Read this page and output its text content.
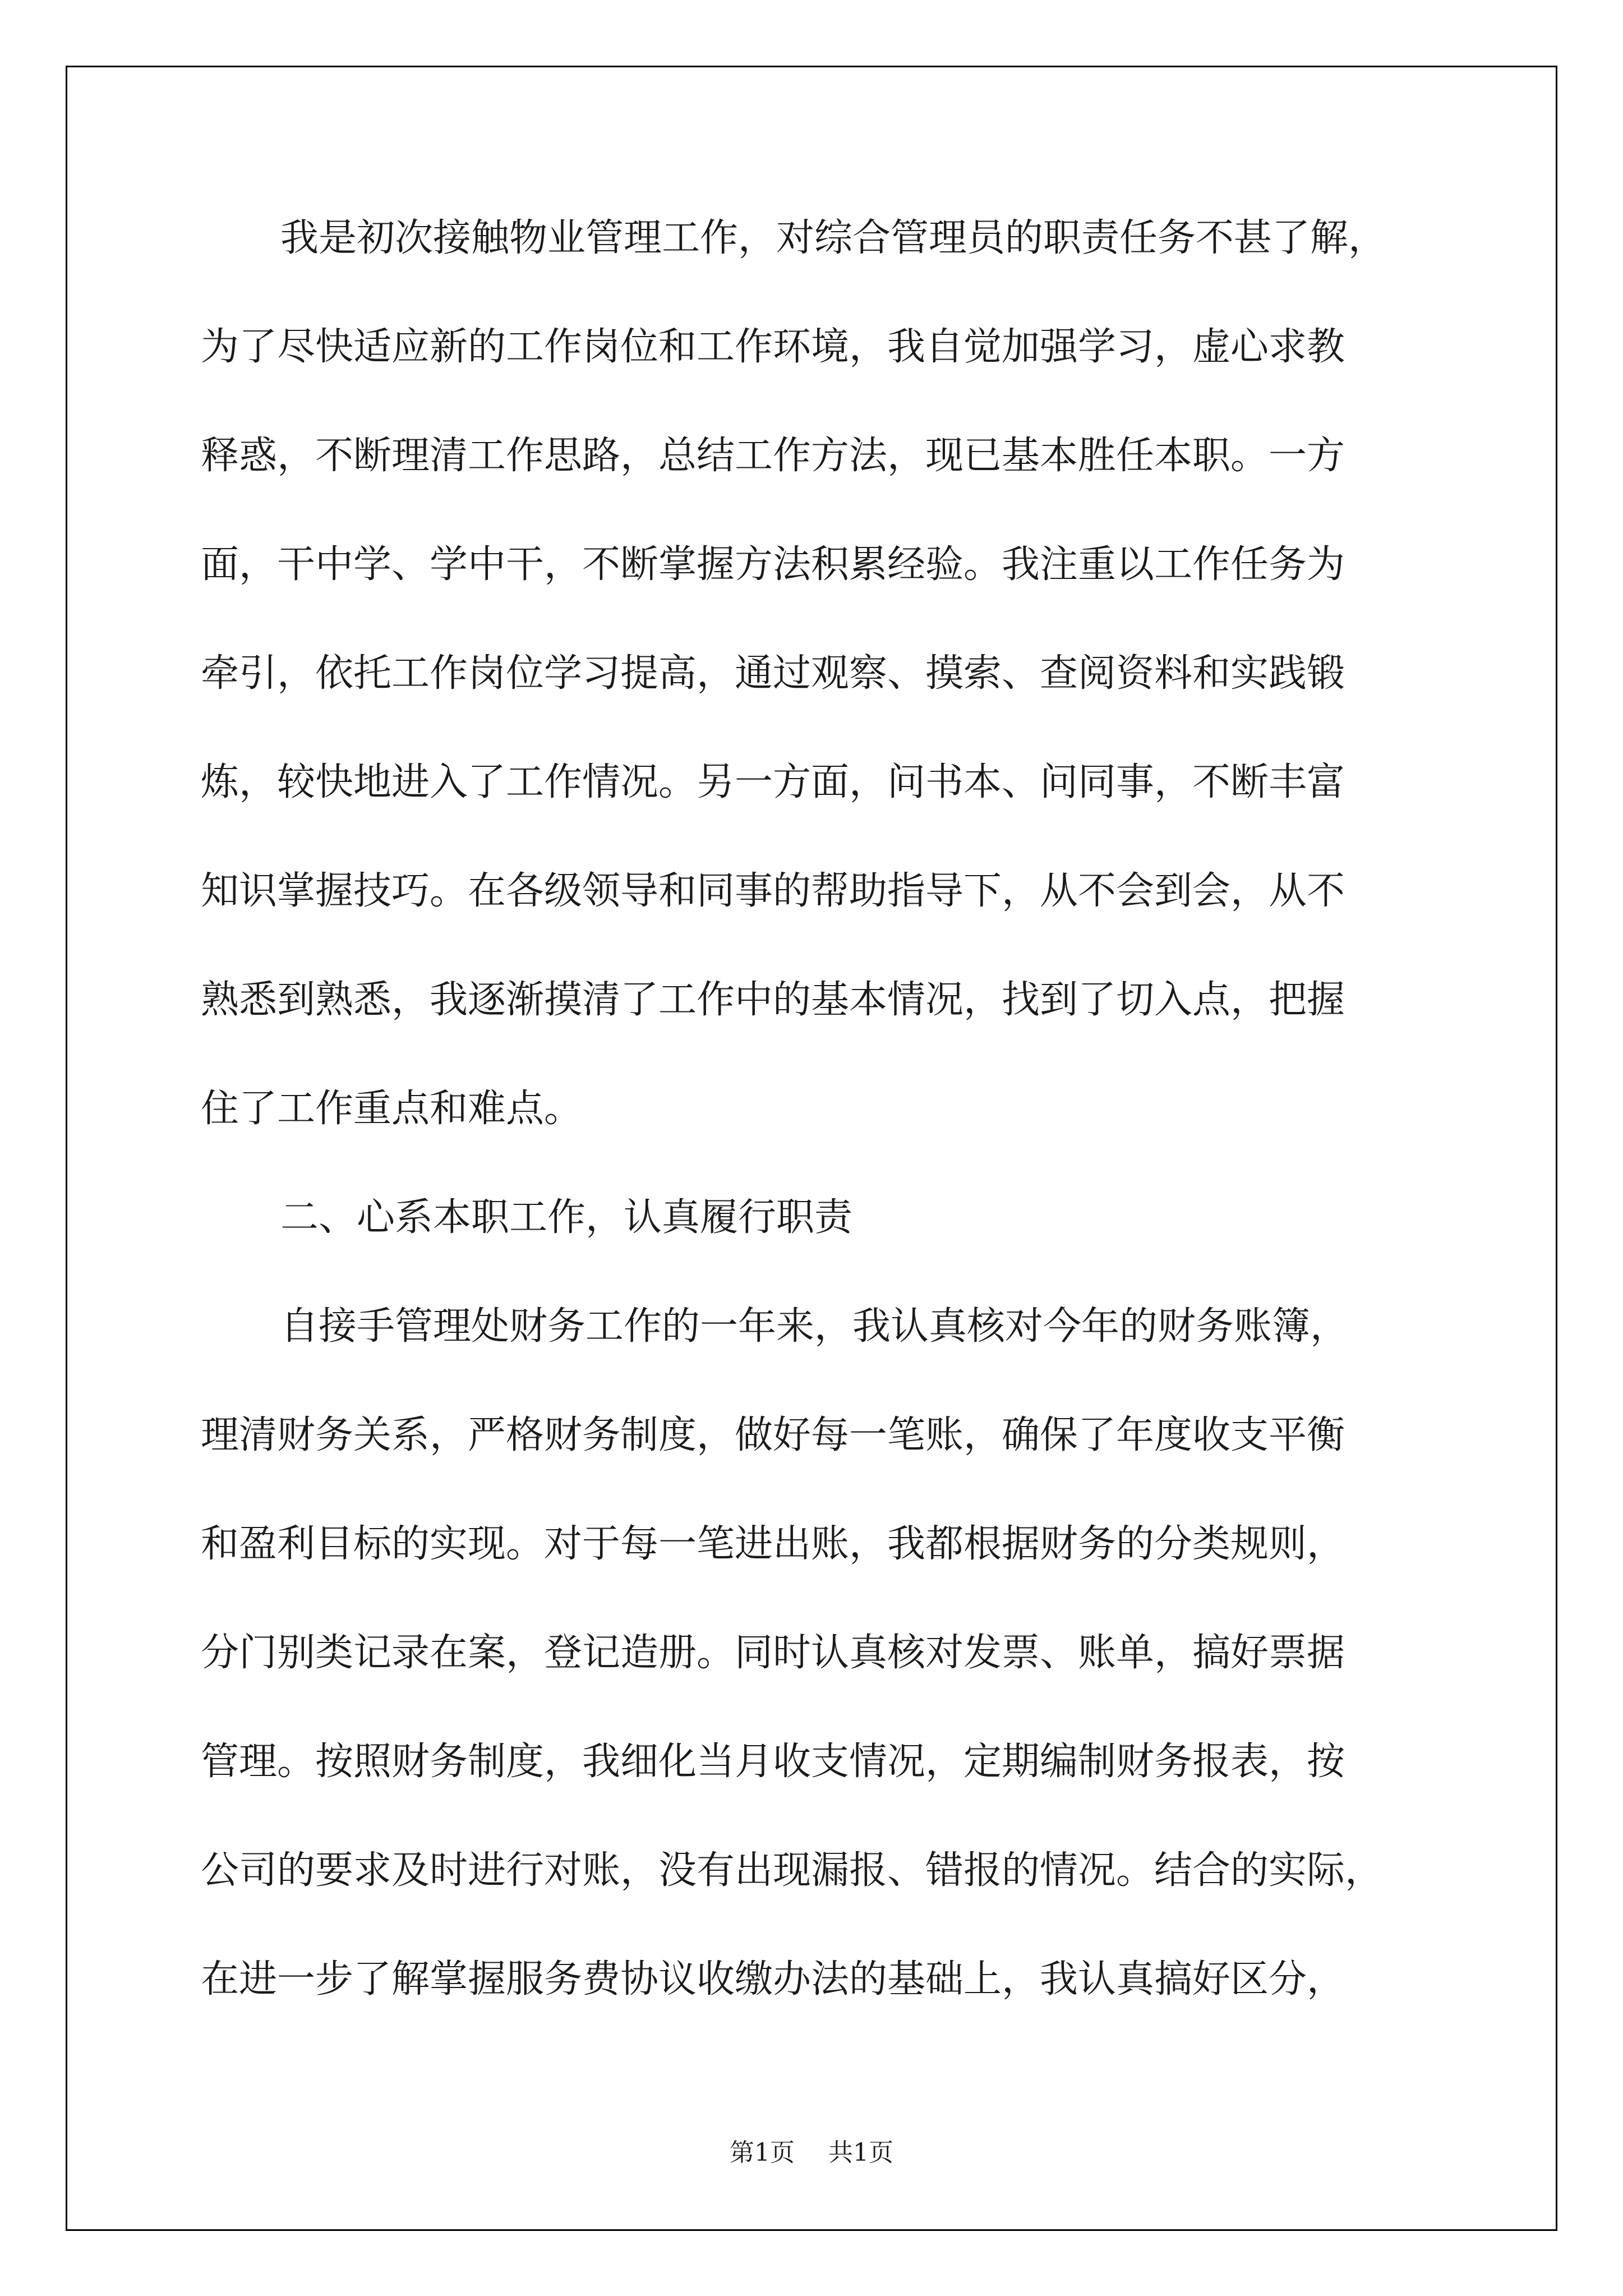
我是初次接触物业管理工作，对综合管理员的职责任务不甚了解，
为了尽快适应新的工作岗位和工作环境，我自觉加强学习，虚心求教
释惑，不断理清工作思路，总结工作方法，现已基本胜任本职。一方
面，干中学、学中干，不断掌握方法积累经验。我注重以工作任务为
牵引，依托工作岗位学习提高，通过观察、摸索、查阅资料和实践锻
炼，较快地进入了工作情况。另一方面，问书本、问同事，不断丰富
知识掌握技巧。在各级领导和同事的帮助指导下，从不会到会，从不
熟悉到熟悉，我逐渐摸清了工作中的基本情况，找到了切入点，把握
住了工作重点和难点。
二、心系本职工作，认真履行职责
自接手管理处财务工作的一年来，我认真核对今年的财务账簿，
理清财务关系，严格财务制度，做好每一笔账，确保了年度收支平衡
和盈利目标的实现。对于每一笔进出账，我都根据财务的分类规则，
分门别类记录在案，登记造册。同时认真核对发票、账单，搞好票据
管理。按照财务制度，我细化当月收支情况，定期编制财务报表，按
公司的要求及时进行对账，没有出现漏报、错报的情况。结合的实际，
在进一步了解掌握服务费协议收缴办法的基础上，我认真搞好区分，
第1页 共1页
